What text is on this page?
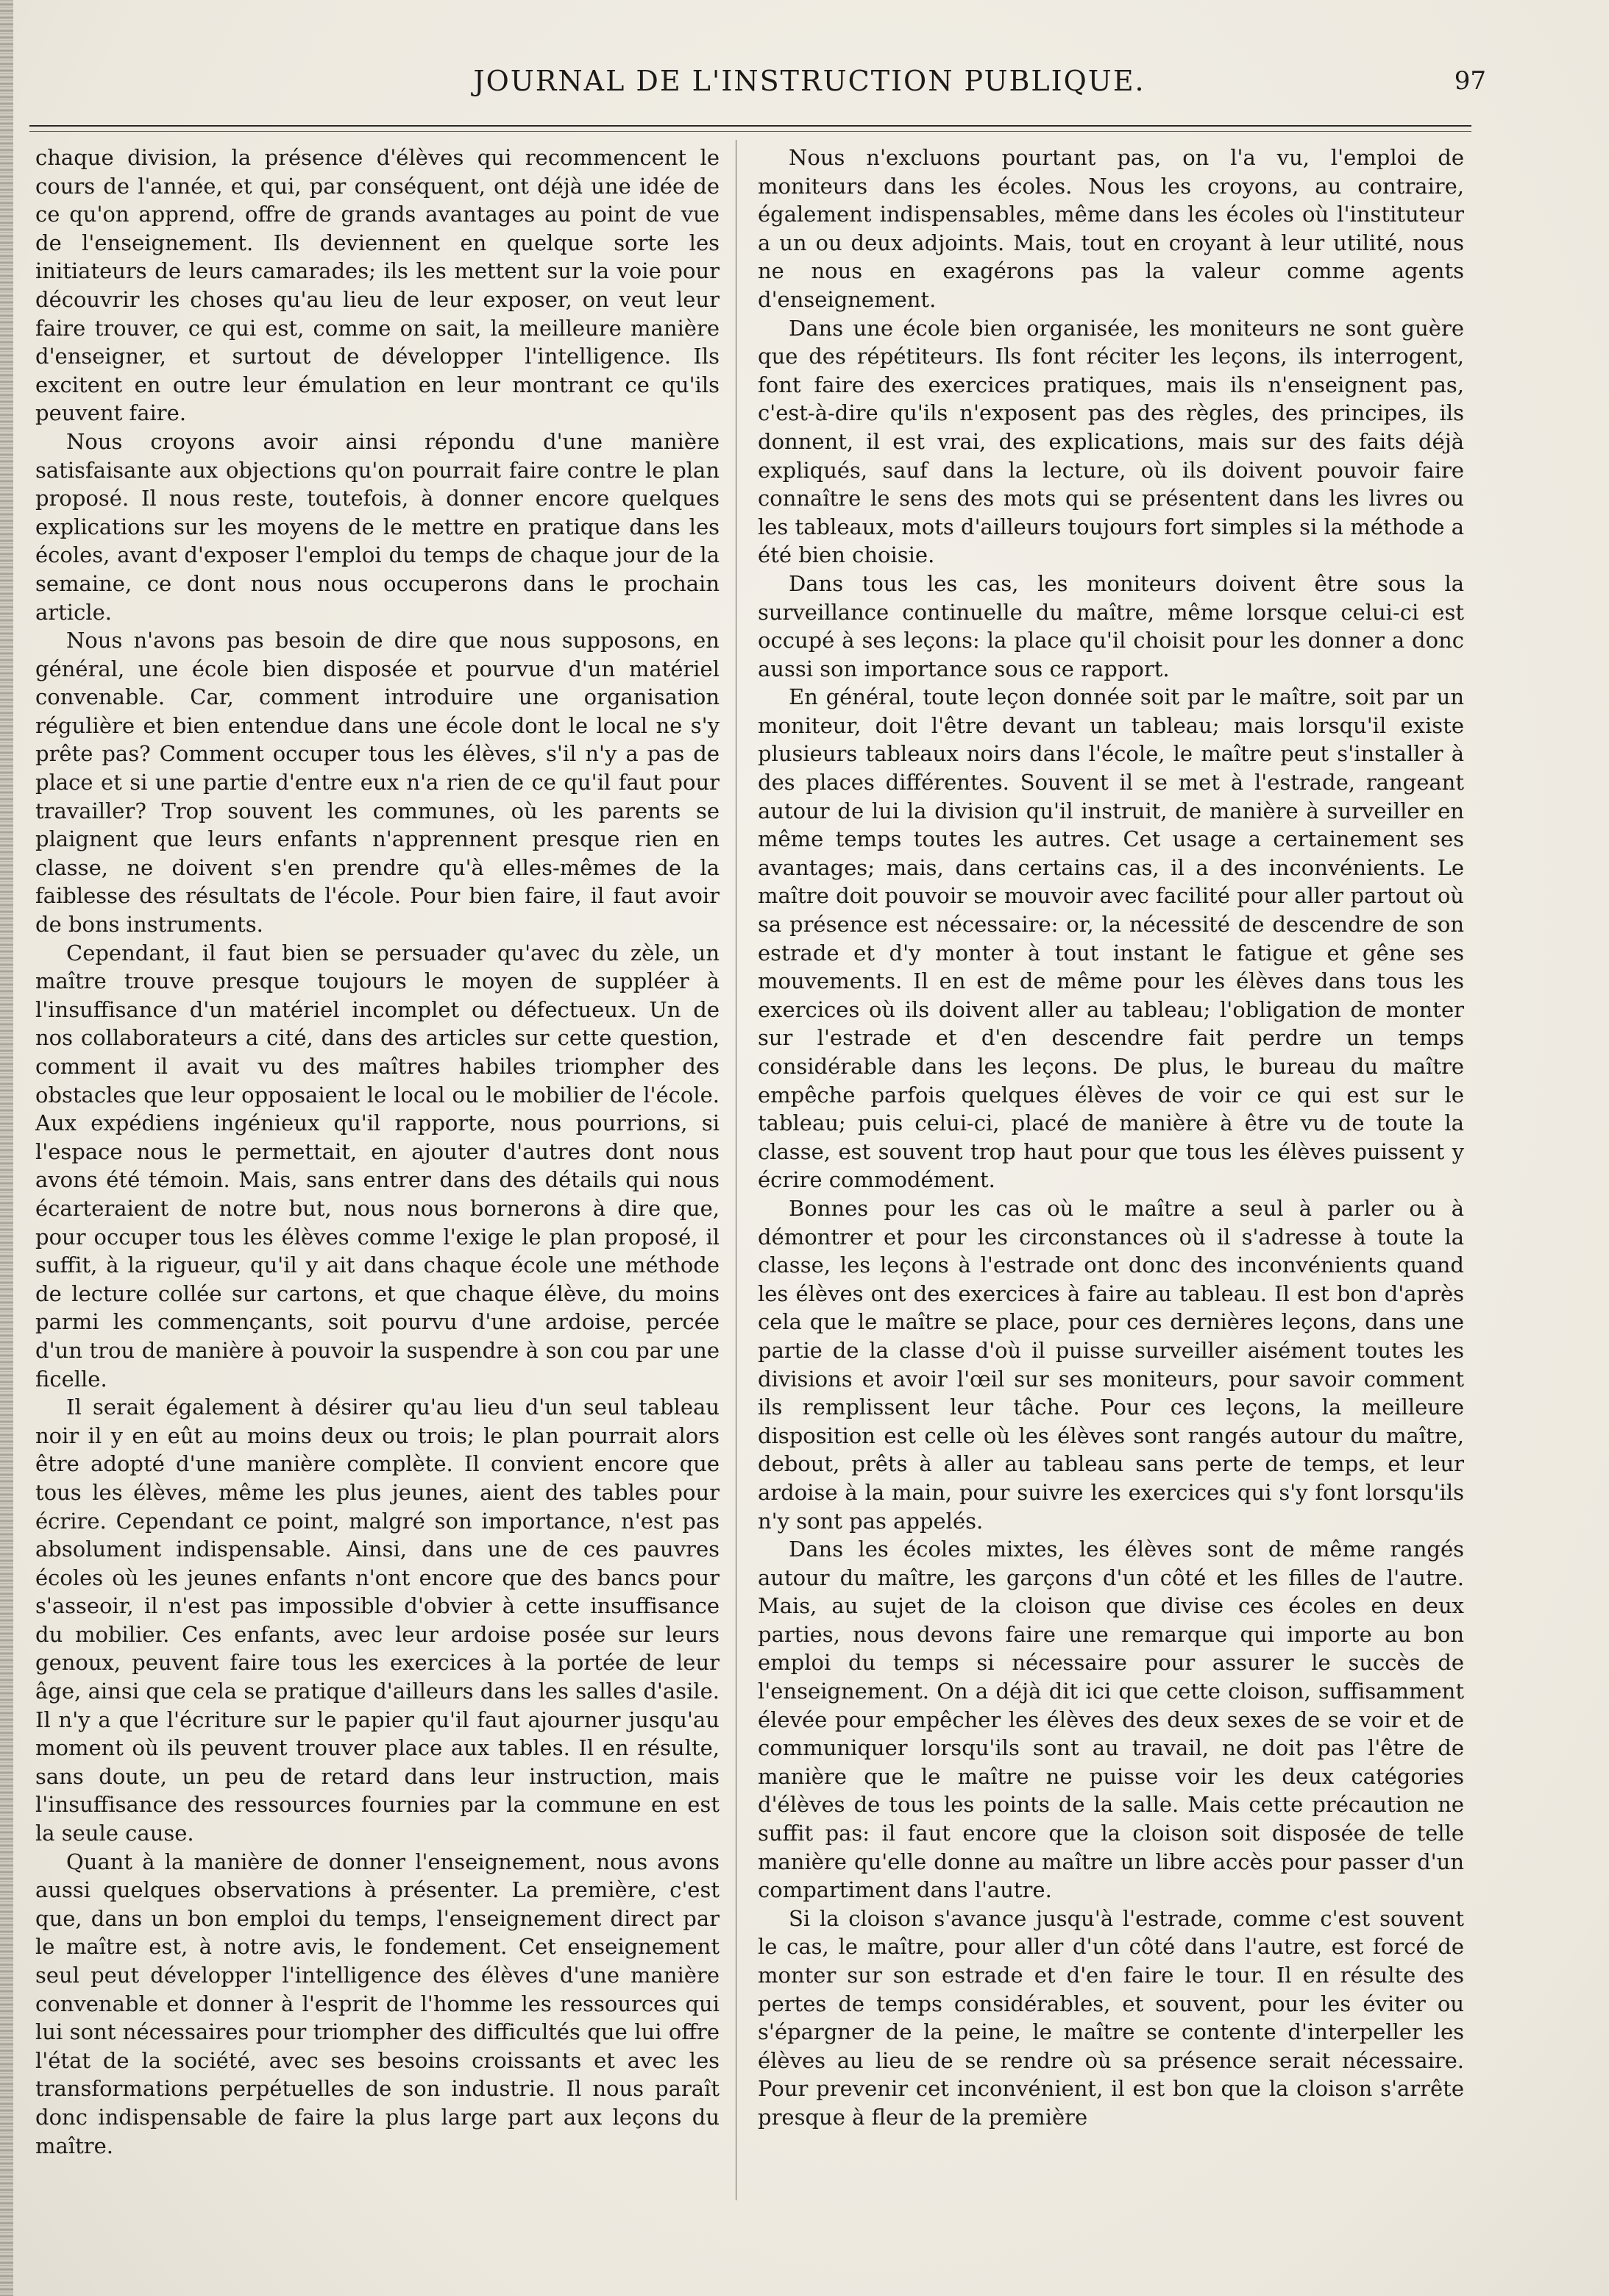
JOURNAL DE L'INSTRUCTION PUBLIQUE.	97

chaque division, la présence d'élèves qui recommencent le cours de l'année, et qui, par conséquent, ont déjà une idée de ce qu'on apprend, offre de grands avantages au point de vue de l'enseignement. Ils deviennent en quelque sorte les initiateurs de leurs camarades; ils les mettent sur la voie pour découvrir les choses qu'au lieu de leur exposer, on veut leur faire trouver, ce qui est, comme on sait, la meilleure manière d'enseigner, et surtout de développer l'intelligence. Ils excitent en outre leur émulation en leur montrant ce qu'ils peuvent faire.

Nous croyons avoir ainsi répondu d'une manière satisfaisante aux objections qu'on pourrait faire contre le plan proposé. Il nous reste, toutefois, à donner encore quelques explications sur les moyens de le mettre en pratique dans les écoles, avant d'exposer l'emploi du temps de chaque jour de la semaine, ce dont nous nous occuperons dans le prochain article.

Nous n'avons pas besoin de dire que nous supposons, en général, une école bien disposée et pourvue d'un matériel convenable. Car, comment introduire une organisation régulière et bien entendue dans une école dont le local ne s'y prête pas? Comment occuper tous les élèves, s'il n'y a pas de place et si une partie d'entre eux n'a rien de ce qu'il faut pour travailler? Trop souvent les communes, où les parents se plaignent que leurs enfants n'apprennent presque rien en classe, ne doivent s'en prendre qu'à elles-mêmes de la faiblesse des résultats de l'école. Pour bien faire, il faut avoir de bons instruments.

Cependant, il faut bien se persuader qu'avec du zèle, un maître trouve presque toujours le moyen de suppléer à l'insuffisance d'un matériel incomplet ou défectueux. Un de nos collaborateurs a cité, dans des articles sur cette question, comment il avait vu des maîtres habiles triompher des obstacles que leur opposaient le local ou le mobilier de l'école. Aux expédiens ingénieux qu'il rapporte, nous pourrions, si l'espace nous le permettait, en ajouter d'autres dont nous avons été témoin. Mais, sans entrer dans des détails qui nous écarteraient de notre but, nous nous bornerons à dire que, pour occuper tous les élèves comme l'exige le plan proposé, il suffit, à la rigueur, qu'il y ait dans chaque école une méthode de lecture collée sur cartons, et que chaque élève, du moins parmi les commençants, soit pourvu d'une ardoise, percée d'un trou de manière à pouvoir la suspendre à son cou par une ficelle.

Il serait également à désirer qu'au lieu d'un seul tableau noir il y en eût au moins deux ou trois; le plan pourrait alors être adopté d'une manière complète. Il convient encore que tous les élèves, même les plus jeunes, aient des tables pour écrire. Cependant ce point, malgré son importance, n'est pas absolument indispensable. Ainsi, dans une de ces pauvres écoles où les jeunes enfants n'ont encore que des bancs pour s'asseoir, il n'est pas impossible d'obvier à cette insuffisance du mobilier. Ces enfants, avec leur ardoise posée sur leurs genoux, peuvent faire tous les exercices à la portée de leur âge, ainsi que cela se pratique d'ailleurs dans les salles d'asile. Il n'y a que l'écriture sur le papier qu'il faut ajourner jusqu'au moment où ils peuvent trouver place aux tables. Il en résulte, sans doute, un peu de retard dans leur instruction, mais l'insuffisance des ressources fournies par la commune en est la seule cause.

Quant à la manière de donner l'enseignement, nous avons aussi quelques observations à présenter. La première, c'est que, dans un bon emploi du temps, l'enseignement direct par le maître est, à notre avis, le fondement. Cet enseignement seul peut développer l'intelligence des élèves d'une manière convenable et donner à l'esprit de l'homme les ressources qui lui sont nécessaires pour triompher des difficultés que lui offre l'état de la société, avec ses besoins croissants et avec les transformations perpétuelles de son industrie. Il nous paraît donc indispensable de faire la plus large part aux leçons du maître.

Nous n'excluons pourtant pas, on l'a vu, l'emploi de moniteurs dans les écoles. Nous les croyons, au contraire, également indispensables, même dans les écoles où l'instituteur a un ou deux adjoints. Mais, tout en croyant à leur utilité, nous ne nous en exagérons pas la valeur comme agents d'enseignement.

Dans une école bien organisée, les moniteurs ne sont guère que des répétiteurs. Ils font réciter les leçons, ils interrogent, font faire des exercices pratiques, mais ils n'enseignent pas, c'est-à-dire qu'ils n'exposent pas des règles, des principes, ils donnent, il est vrai, des explications, mais sur des faits déjà expliqués, sauf dans la lecture, où ils doivent pouvoir faire connaître le sens des mots qui se présentent dans les livres ou les tableaux, mots d'ailleurs toujours fort simples si la méthode a été bien choisie.

Dans tous les cas, les moniteurs doivent être sous la surveillance continuelle du maître, même lorsque celui-ci est occupé à ses leçons: la place qu'il choisit pour les donner a donc aussi son importance sous ce rapport.

En général, toute leçon donnée soit par le maître, soit par un moniteur, doit l'être devant un tableau; mais lorsqu'il existe plusieurs tableaux noirs dans l'école, le maître peut s'installer à des places différentes. Souvent il se met à l'estrade, rangeant autour de lui la division qu'il instruit, de manière à surveiller en même temps toutes les autres. Cet usage a certainement ses avantages; mais, dans certains cas, il a des inconvénients. Le maître doit pouvoir se mouvoir avec facilité pour aller partout où sa présence est nécessaire: or, la nécessité de descendre de son estrade et d'y monter à tout instant le fatigue et gêne ses mouvements. Il en est de même pour les élèves dans tous les exercices où ils doivent aller au tableau; l'obligation de monter sur l'estrade et d'en descendre fait perdre un temps considérable dans les leçons. De plus, le bureau du maître empêche parfois quelques élèves de voir ce qui est sur le tableau; puis celui-ci, placé de manière à être vu de toute la classe, est souvent trop haut pour que tous les élèves puissent y écrire commodément.

Bonnes pour les cas où le maître a seul à parler ou à démontrer et pour les circonstances où il s'adresse à toute la classe, les leçons à l'estrade ont donc des inconvénients quand les élèves ont des exercices à faire au tableau. Il est bon d'après cela que le maître se place, pour ces dernières leçons, dans une partie de la classe d'où il puisse surveiller aisément toutes les divisions et avoir l'œil sur ses moniteurs, pour savoir comment ils remplissent leur tâche. Pour ces leçons, la meilleure disposition est celle où les élèves sont rangés autour du maître, debout, prêts à aller au tableau sans perte de temps, et leur ardoise à la main, pour suivre les exercices qui s'y font lorsqu'ils n'y sont pas appelés.

Dans les écoles mixtes, les élèves sont de même rangés autour du maître, les garçons d'un côté et les filles de l'autre. Mais, au sujet de la cloison que divise ces écoles en deux parties, nous devons faire une remarque qui importe au bon emploi du temps si nécessaire pour assurer le succès de l'enseignement. On a déjà dit ici que cette cloison, suffisamment élevée pour empêcher les élèves des deux sexes de se voir et de communiquer lorsqu'ils sont au travail, ne doit pas l'être de manière que le maître ne puisse voir les deux catégories d'élèves de tous les points de la salle. Mais cette précaution ne suffit pas: il faut encore que la cloison soit disposée de telle manière qu'elle donne au maître un libre accès pour passer d'un compartiment dans l'autre.

Si la cloison s'avance jusqu'à l'estrade, comme c'est souvent le cas, le maître, pour aller d'un côté dans l'autre, est forcé de monter sur son estrade et d'en faire le tour. Il en résulte des pertes de temps considérables, et souvent, pour les éviter ou s'épargner de la peine, le maître se contente d'interpeller les élèves au lieu de se rendre où sa présence serait nécessaire. Pour prevenir cet inconvénient, il est bon que la cloison s'arrête presque à fleur de la première
